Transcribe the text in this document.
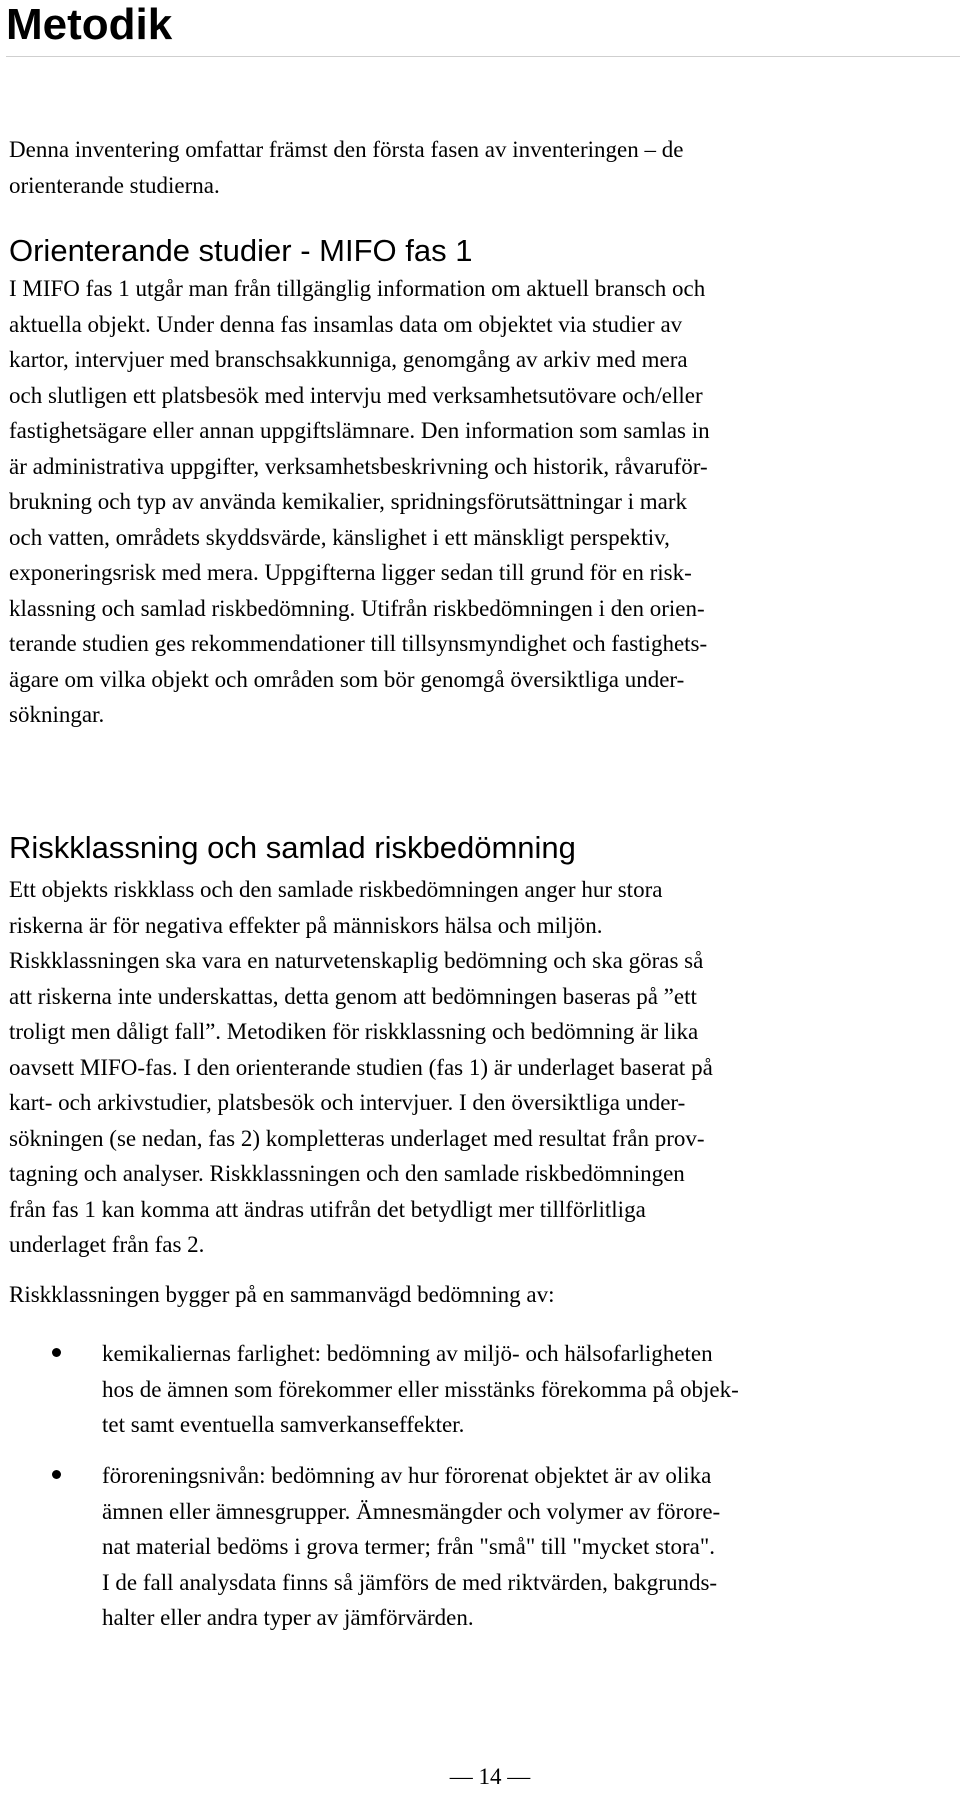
Metodik

Denna inventering omfattar främst den första fasen av inventeringen – de
orienterande studierna.

Orienterande studier - MIFO fas 1

I MIFO fas 1 utgår man från tillgänglig information om aktuell bransch och
aktuella objekt. Under denna fas insamlas data om objektet via studier av
kartor, intervjuer med branschsakkunniga, genomgång av arkiv med mera
och slutligen ett platsbesök med intervju med verksamhetsutövare och/eller
fastighetsägare eller annan uppgiftslämnare. Den information som samlas in
är administrativa uppgifter, verksamhetsbeskrivning och historik, råvaruför-
brukning och typ av använda kemikalier, spridningsförutsättningar i mark
och vatten, områdets skyddsvärde, känslighet i ett mänskligt perspektiv,
exponeringsrisk med mera. Uppgifterna ligger sedan till grund för en risk-
klassning och samlad riskbedömning. Utifrån riskbedömningen i den orien-
terande studien ges rekommendationer till tillsynsmyndighet och fastighets-
ägare om vilka objekt och områden som bör genomgå översiktliga under-
sökningar.

Riskklassning och samlad riskbedömning

Ett objekts riskklass och den samlade riskbedömningen anger hur stora
riskerna är för negativa effekter på människors hälsa och miljön.
Riskklassningen ska vara en naturvetenskaplig bedömning och ska göras så
att riskerna inte underskattas, detta genom att bedömningen baseras på ”ett
troligt men dåligt fall”. Metodiken för riskklassning och bedömning är lika
oavsett MIFO-fas. I den orienterande studien (fas 1) är underlaget baserat på
kart- och arkivstudier, platsbesök och intervjuer. I den översiktliga under-
sökningen (se nedan, fas 2) kompletteras underlaget med resultat från prov-
tagning och analyser. Riskklassningen och den samlade riskbedömningen
från fas 1 kan komma att ändras utifrån det betydligt mer tillförlitliga
underlaget från fas 2.

Riskklassningen bygger på en sammanvägd bedömning av:

kemikaliernas farlighet: bedömning av miljö- och hälsofarligheten
hos de ämnen som förekommer eller misstänks förekomma på objek-
tet samt eventuella samverkanseffekter.

föroreningsnivån: bedömning av hur förorenat objektet är av olika
ämnen eller ämnesgrupper. Ämnesmängder och volymer av förore-
nat material bedöms i grova termer; från "små" till "mycket stora".
I de fall analysdata finns så jämförs de med riktvärden, bakgrunds-
halter eller andra typer av jämförvärden.

— 14 —
